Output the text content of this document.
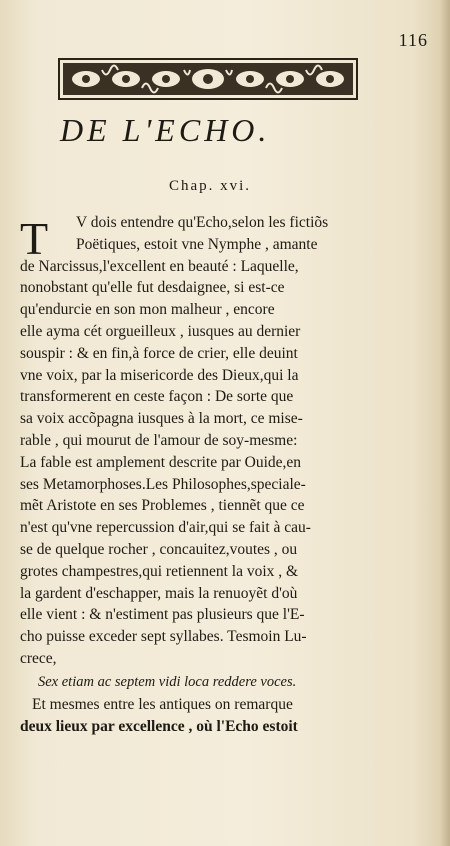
116
DE L'ECHO.
Chap. xvi.
T	V dois entendre qu'Echo,selon les fictiõs
Poëtiques, estoit vne Nymphe , amante
de Narcissus,l'excellent en beauté : Laquelle,
nonobstant qu'elle fut desdaignee, si est-ce
qu'endurcie en son mon malheur , encore
elle ayma cét orgueilleux , iusques au dernier
souspir : & en fin,à force de crier, elle deuint
vne voix, par la misericorde des Dieux,qui la
transformerent en ceste façon : De sorte que
sa voix accõpagna iusques à la mort, ce mise-
rable , qui mourut de l'amour de soy-mesme:
La fable est amplement descrite par Ouide,en
ses Metamorphoses.Les Philosophes,speciale-
mẽt Aristote en ses Problemes , tiennẽt que ce
n'est qu'vne repercussion d'air,qui se fait à cau-
se de quelque rocher , concauitez,voutes , ou
grotes champestres,qui retiennent la voix , &
la gardent d'eschapper, mais la renuoyẽt d'où
elle vient : & n'estiment pas plusieurs que l'E-
cho puisse exceder sept syllabes. Tesmoin Lu-
crece,
Sex etiam ac septem vidi loca reddere voces.
Et mesmes entre les antiques on remarque
deux lieux par excellence , où l'Echo estoit
